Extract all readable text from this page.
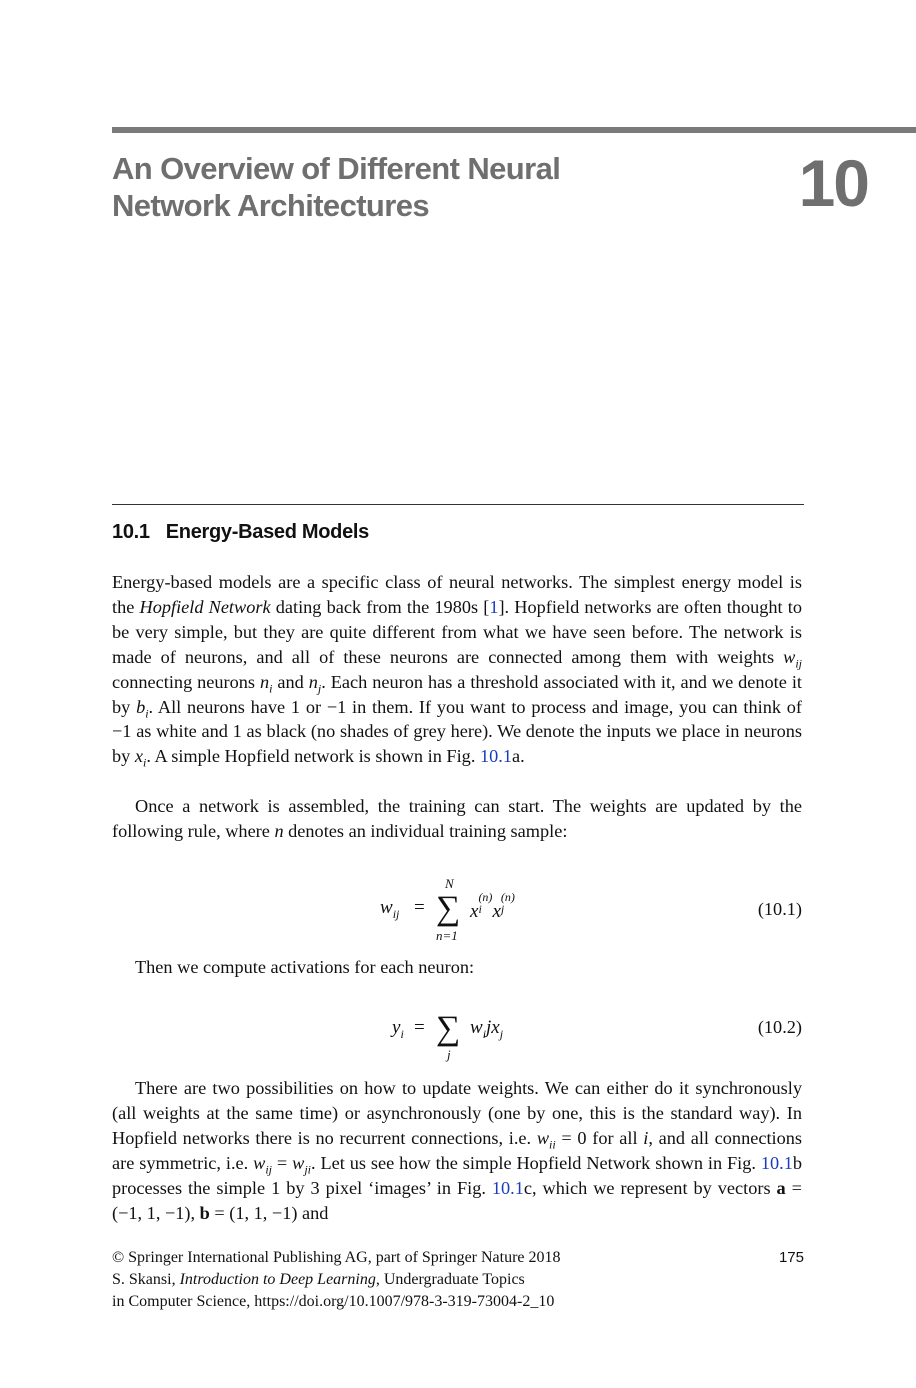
An Overview of Different Neural
Network Architectures	10
10.1 Energy-Based Models

Energy-based models are a specific class of neural networks. The simplest energy model is the Hopfield Network dating back from the 1980s [1]. Hopfield networks are often thought to be very simple, but they are quite different from what we have seen before. The network is made of neurons, and all of these neurons are connected among them with weights $w_{ij}$ connecting neurons $n_i$ and $n_j$. Each neuron has a threshold associated with it, and we denote it by $b_i$. All neurons have 1 or −1 in them. If you want to process and image, you can think of −1 as white and 1 as black (no shades of grey here). We denote the inputs we place in neurons by $x_i$. A simple Hopfield network is shown in Fig. 10.1a.

Once a network is assembled, the training can start. The weights are updated by the following rule, where n denotes an individual training sample:

$w_{ij}$ =
N
∑
n=1
x(n)
i x(n)
j	(10.1)

Then we compute activations for each neuron:

$y_i$ = ∑
j
$w_ijx_j$	(10.2)

There are two possibilities on how to update weights. We can either do it synchronously (all weights at the same time) or asynchronously (one by one, this is the standard way). In Hopfield networks there is no recurrent connections, i.e. $w_{ii} = 0$ for all i, and all connections are symmetric, i.e. $w_{ij} = w_{ji}$. Let us see how the simple Hopfield Network shown in Fig. 10.1b processes the simple 1 by 3 pixel ‘images’ in Fig. 10.1c, which we represent by vectors a = (−1, 1, −1), b = (1, 1, −1) and

© Springer International Publishing AG, part of Springer Nature 2018
S. Skansi, Introduction to Deep Learning, Undergraduate Topics
in Computer Science, https://doi.org/10.1007/978-3-319-73004-2_10
175
